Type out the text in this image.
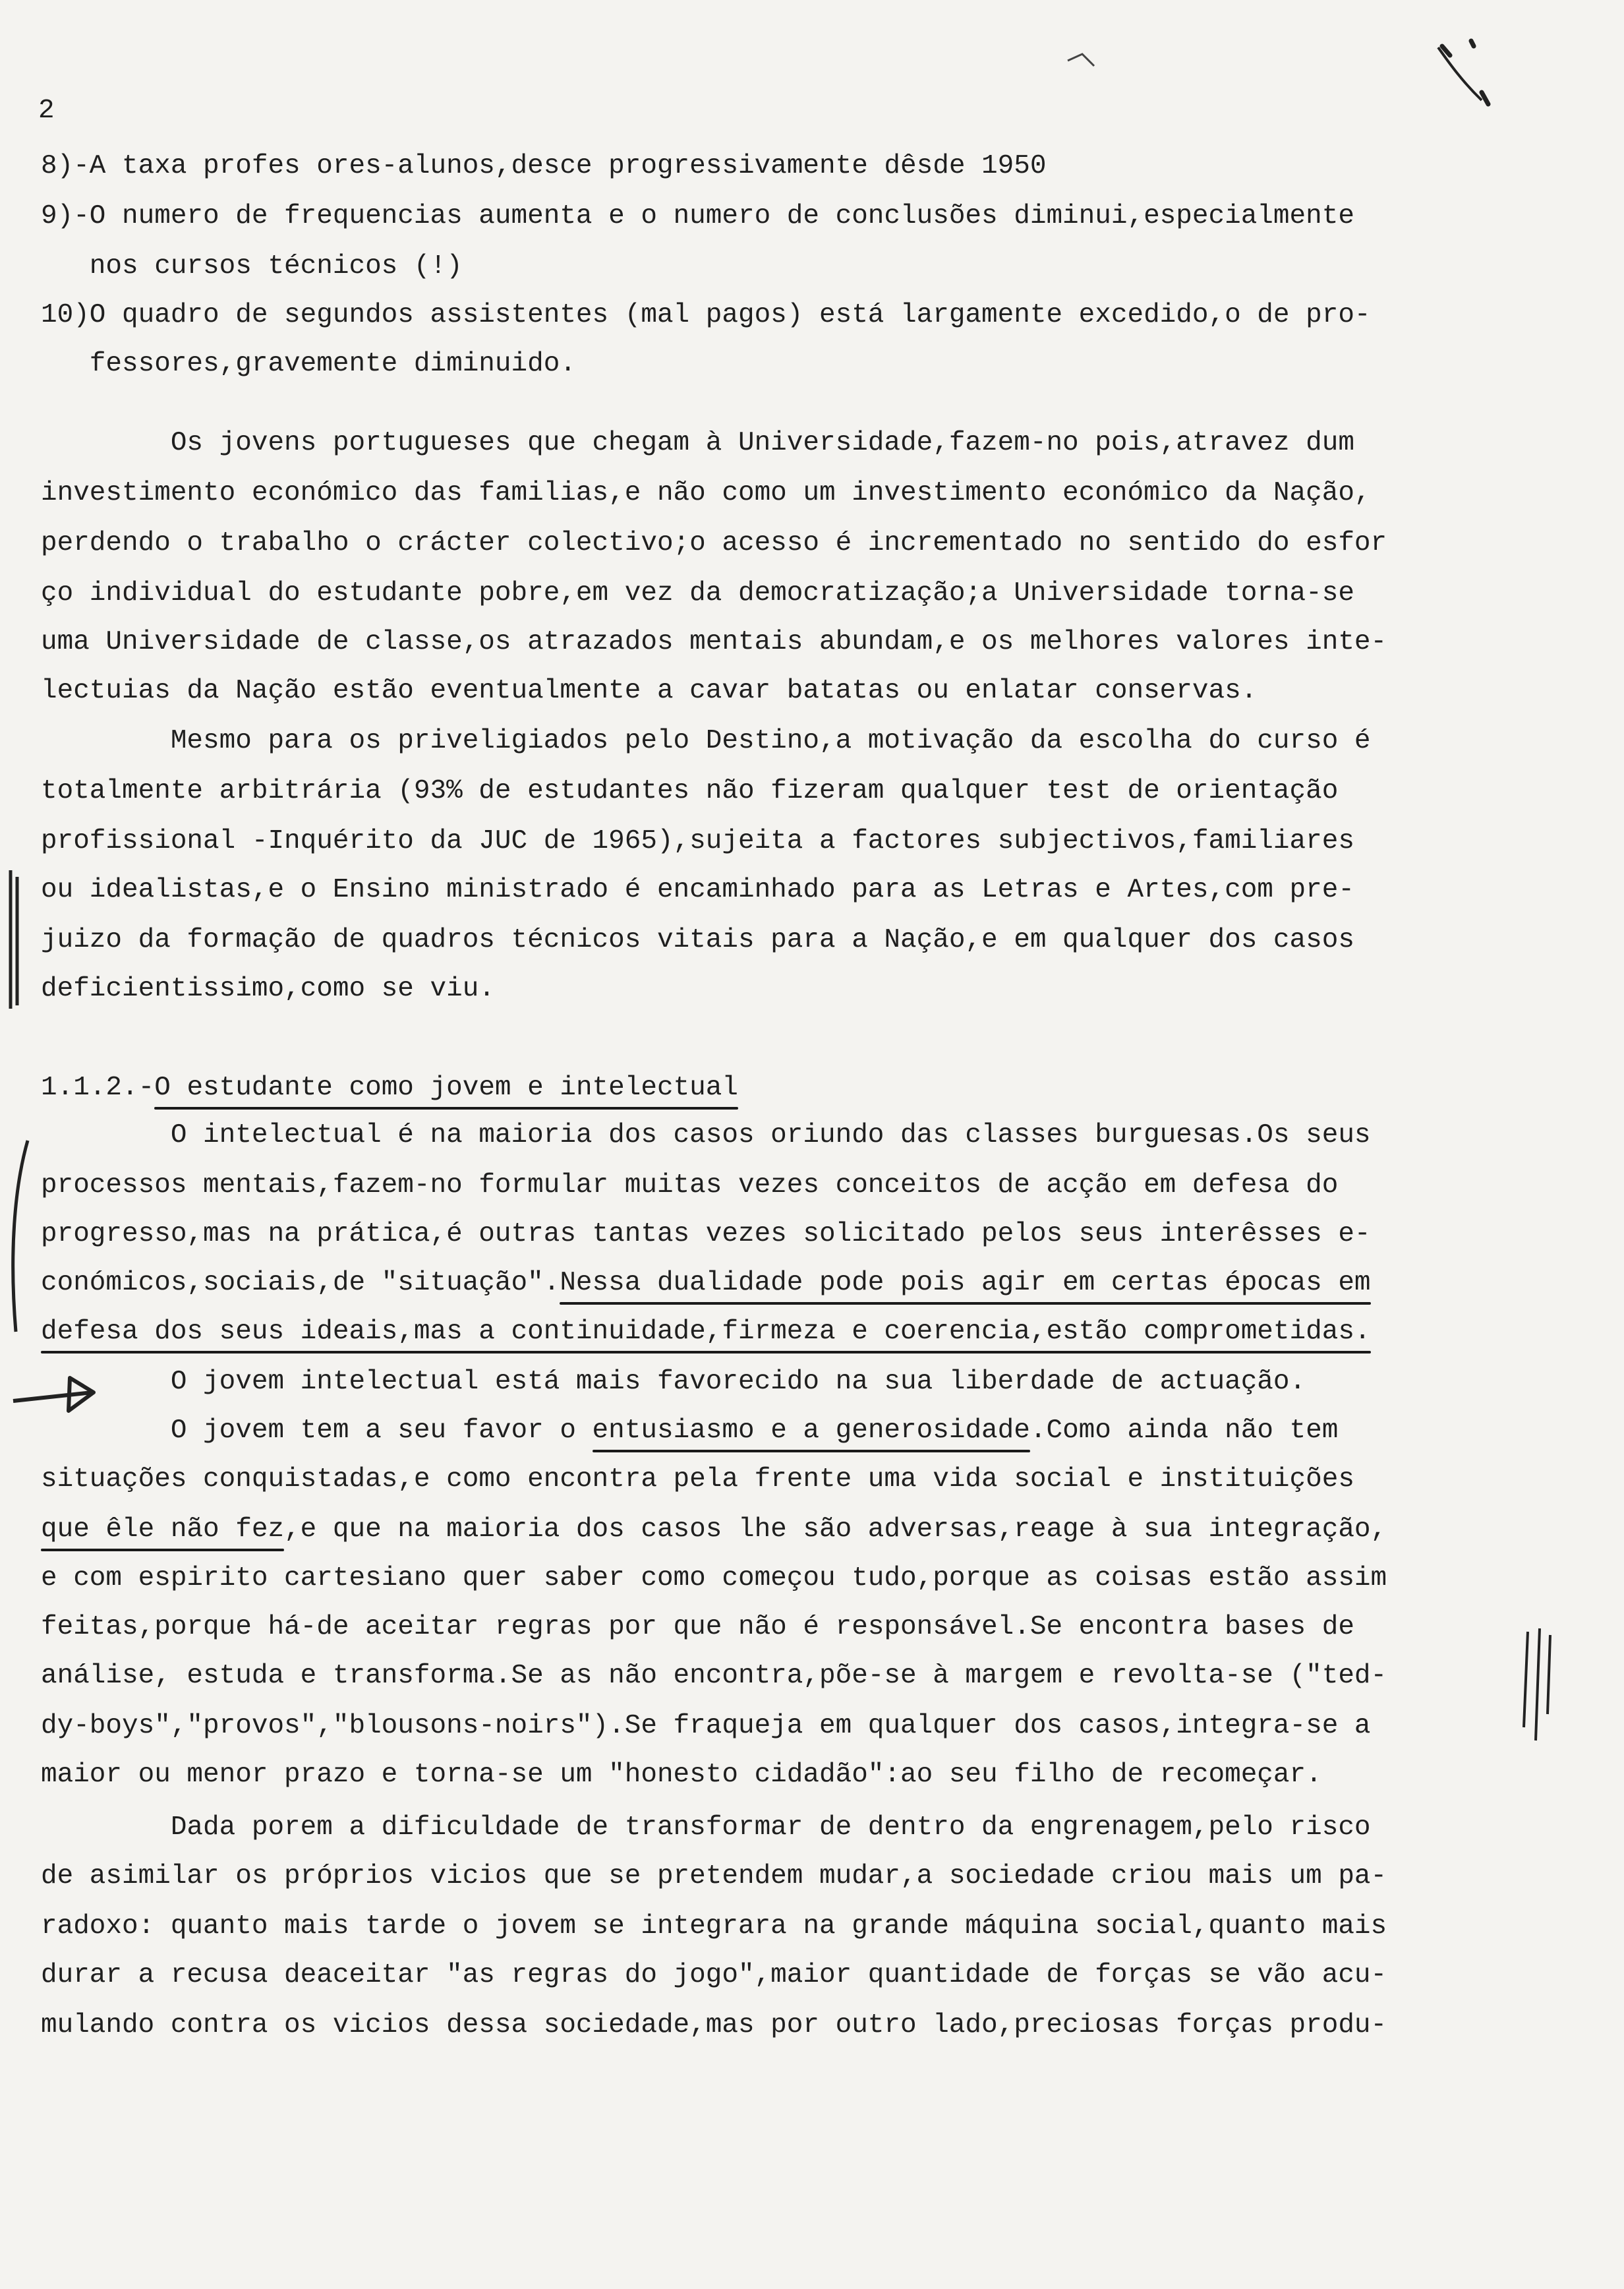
2
8)-A taxa profes ores-alunos,desce progressivamente dêsde 1950
9)-O numero de frequencias aumenta e o numero de conclusões diminui,especialmente
nos cursos técnicos (!)
10)O quadro de segundos assistentes (mal pagos) está largamente excedido,o de pro-
fessores,gravemente diminuido.
Os jovens portugueses que chegam à Universidade,fazem-no pois,atravez dum
investimento económico das familias,e não como um investimento económico da Nação,
perdendo o trabalho o crácter colectivo;o acesso é incrementado no sentido do esfor
ço individual do estudante pobre,em vez da democratização;a Universidade torna-se
uma Universidade de classe,os atrazados mentais abundam,e os melhores valores inte-
lectuias da Nação estão eventualmente a cavar batatas ou enlatar conservas.
Mesmo para os priveligiados pelo Destino,a motivação da escolha do curso é
totalmente arbitrária (93% de estudantes não fizeram qualquer test de orientação
profissional -Inquérito da JUC de 1965),sujeita a factores subjectivos,familiares
ou idealistas,e o Ensino ministrado é encaminhado para as Letras e Artes,com pre-
juizo da formação de quadros técnicos vitais para a Nação,e em qualquer dos casos
deficientissimo,como se viu.
1.1.2.-O estudante como jovem e intelectual
O intelectual é na maioria dos casos oriundo das classes burguesas.Os seus
processos mentais,fazem-no formular muitas vezes conceitos de acção em defesa do
progresso,mas na prática,é outras tantas vezes solicitado pelos seus interêsses e-
conómicos,sociais,de "situação".Nessa dualidade pode pois agir em certas épocas em
defesa dos seus ideais,mas a continuidade,firmeza e coerencia,estão comprometidas.
O jovem intelectual está mais favorecido na sua liberdade de actuação.
O jovem tem a seu favor o entusiasmo e a generosidade.Como ainda não tem
situações conquistadas,e como encontra pela frente uma vida social e instituições
que êle não fez,e que na maioria dos casos lhe são adversas,reage à sua integração,
e com espirito cartesiano quer saber como começou tudo,porque as coisas estão assim
feitas,porque há-de aceitar regras por que não é responsável.Se encontra bases de
análise, estuda e transforma.Se as não encontra,põe-se à margem e revolta-se ("ted-
dy-boys","provos","blousons-noirs").Se fraqueja em qualquer dos casos,integra-se a
maior ou menor prazo e torna-se um "honesto cidadão":ao seu filho de recomeçar.
Dada porem a dificuldade de transformar de dentro da engrenagem,pelo risco
de asimilar os próprios vicios que se pretendem mudar,a sociedade criou mais um pa-
radoxo: quanto mais tarde o jovem se integrara na grande máquina social,quanto mais
durar a recusa deaceitar "as regras do jogo",maior quantidade de forças se vão acu-
mulando contra os vicios dessa sociedade,mas por outro lado,preciosas forças produ-
